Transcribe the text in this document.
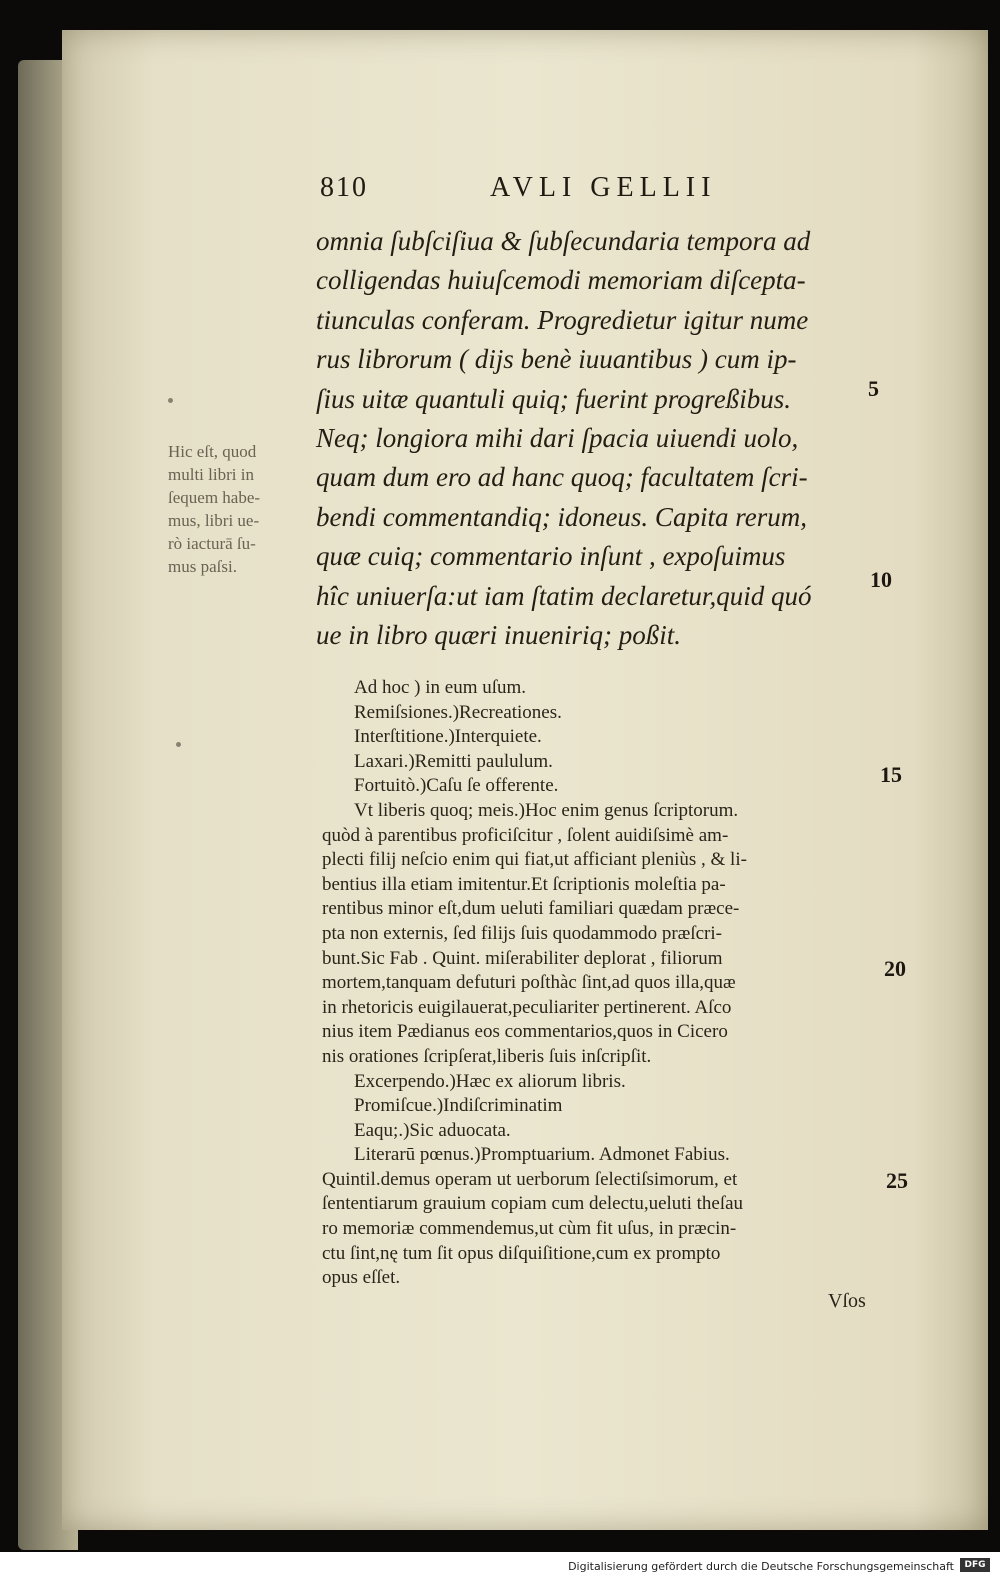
810	AVLI GELLII
omnia ſubſciſiua & ſubſecundaria tempora ad
colligendas huiuſcemodi memoriam diſcepta-
tiunculas conferam. Progredietur igitur nume
rus librorum ( dijs benè iuuantibus ) cum ip-
ſius uitæ quantuli quiq; fuerint progreßibus.
Neq; longiora mihi dari ſpacia uiuendi uolo,
quam dum ero ad hanc quoq; facultatem ſcri-
bendi commentandiq; idoneus. Capita rerum,
quæ cuiq; commentario inſunt , expoſuimus
hîc uniuerſa:ut iam ſtatim declaretur,quid quó
ue in libro quæri inueniriq; poßit.
Hic eſt, quod
multi libri in
ſequem habe-
mus, libri ue-
rò iacturā ſu-
mus paſsi.
5
10
15
20
25
Ad hoc ) in eum uſum.
Remiſsiones.)Recreationes.
Interſtitione.)Interquiete.
Laxari.)Remitti paululum.
Fortuitò.)Caſu ſe offerente.
Vt liberis quoq; meis.)Hoc enim genus ſcriptorum.
quòd à parentibus proficiſcitur , ſolent auidiſsimè am-
plecti filij neſcio enim qui fiat,ut afficiant pleniùs , & li-
bentius illa etiam imitentur.Et ſcriptionis moleſtia pa-
rentibus minor eſt,dum ueluti familiari quædam præce-
pta non externis, ſed filijs ſuis quodammodo præſcri-
bunt.Sic Fab . Quint. miſerabiliter deplorat , filiorum
mortem,tanquam defuturi poſthàc ſint,ad quos illa,quæ
in rhetoricis euigilauerat,peculiariter pertinerent. Aſco
nius item Pædianus eos commentarios,quos in Cicero
nis orationes ſcripſerat,liberis ſuis inſcripſit.
Excerpendo.)Hæc ex aliorum libris.
Promiſcue.)Indiſcriminatim
Eaqu;.)Sic aduocata.
Literarū pœnus.)Promptuarium. Admonet Fabius.
Quintil.demus operam ut uerborum ſelectiſsimorum, et
ſententiarum grauium copiam cum delectu,ueluti theſau
ro memoriæ commendemus,ut cùm fit uſus, in præcin-
ctu ſint,nę tum ſit opus diſquiſitione,cum ex prompto
opus eſſet.
Vſos
Digitalisierung gefördert durch die Deutsche Forschungsgemeinschaft	DFG
